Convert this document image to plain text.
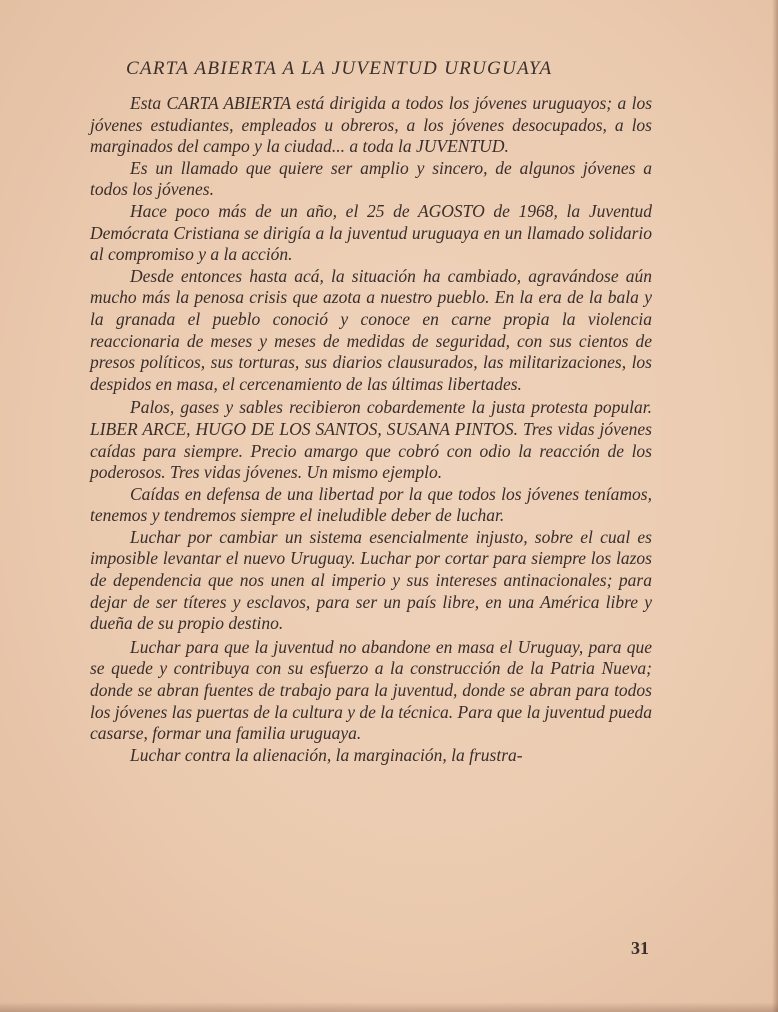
CARTA ABIERTA A LA JUVENTUD URUGUAYA

Esta CARTA ABIERTA está dirigida a todos los jóvenes uruguayos; a los jóvenes estudiantes, empleados u obreros, a los jóvenes desocupados, a los marginados del campo y la ciudad... a toda la JUVENTUD.

Es un llamado que quiere ser amplio y sincero, de algunos jóvenes a todos los jóvenes.

Hace poco más de un año, el 25 de AGOSTO de 1968, la Juventud Demócrata Cristiana se dirigía a la juventud uruguaya en un llamado solidario al compromiso y a la acción.

Desde entonces hasta acá, la situación ha cambiado, agravándose aún mucho más la penosa crisis que azota a nuestro pueblo. En la era de la bala y la granada el pueblo conoció y conoce en carne propia la violencia reaccionaria de meses y meses de medidas de seguridad, con sus cientos de presos políticos, sus torturas, sus diarios clausurados, las militarizaciones, los despidos en masa, el cercenamiento de las últimas libertades.

Palos, gases y sables recibieron cobardemente la justa protesta popular. LIBER ARCE, HUGO DE LOS SANTOS, SUSANA PINTOS. Tres vidas jóvenes caídas para siempre. Precio amargo que cobró con odio la reacción de los poderosos. Tres vidas jóvenes. Un mismo ejemplo.

Caídas en defensa de una libertad por la que todos los jóvenes teníamos, tenemos y tendremos siempre el ineludible deber de luchar.

Luchar por cambiar un sistema esencialmente injusto, sobre el cual es imposible levantar el nuevo Uruguay. Luchar por cortar para siempre los lazos de dependencia que nos unen al imperio y sus intereses antinacionales; para dejar de ser títeres y esclavos, para ser un país libre, en una América libre y dueña de su propio destino.

Luchar para que la juventud no abandone en masa el Uruguay, para que se quede y contribuya con su esfuerzo a la construcción de la Patria Nueva; donde se abran fuentes de trabajo para la juventud, donde se abran para todos los jóvenes las puertas de la cultura y de la técnica. Para que la juventud pueda casarse, formar una familia uruguaya.

Luchar contra la alienación, la marginación, la frustra-

31
